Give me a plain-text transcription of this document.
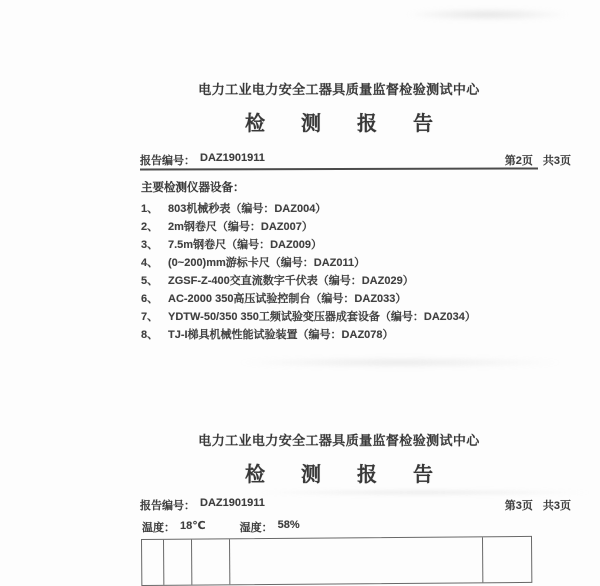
电力工业电力安全工器具质量监督检验测试中心
检测报告
报告编号： DAZ1901911	第2页 共3页
主要检测仪器设备：
1、 803机械秒表（编号：DAZ004）
2、 2m钢卷尺（编号：DAZ007）
3、 7.5m钢卷尺（编号：DAZ009）
4、 (0~200)mm游标卡尺（编号：DAZ011）
5、 ZGSF-Z-400交直流数字千伏表（编号：DAZ029）
6、 AC-2000 350高压试验控制台（编号：DAZ033）
7、 YDTW-50/350 350工频试验变压器成套设备（编号：DAZ034）
8、 TJ-I梯具机械性能试验装置（编号：DAZ078）
电力工业电力安全工器具质量监督检验测试中心
检测报告
报告编号： DAZ1901911	第3页 共3页
温度： 18℃
	湿度： 58%
